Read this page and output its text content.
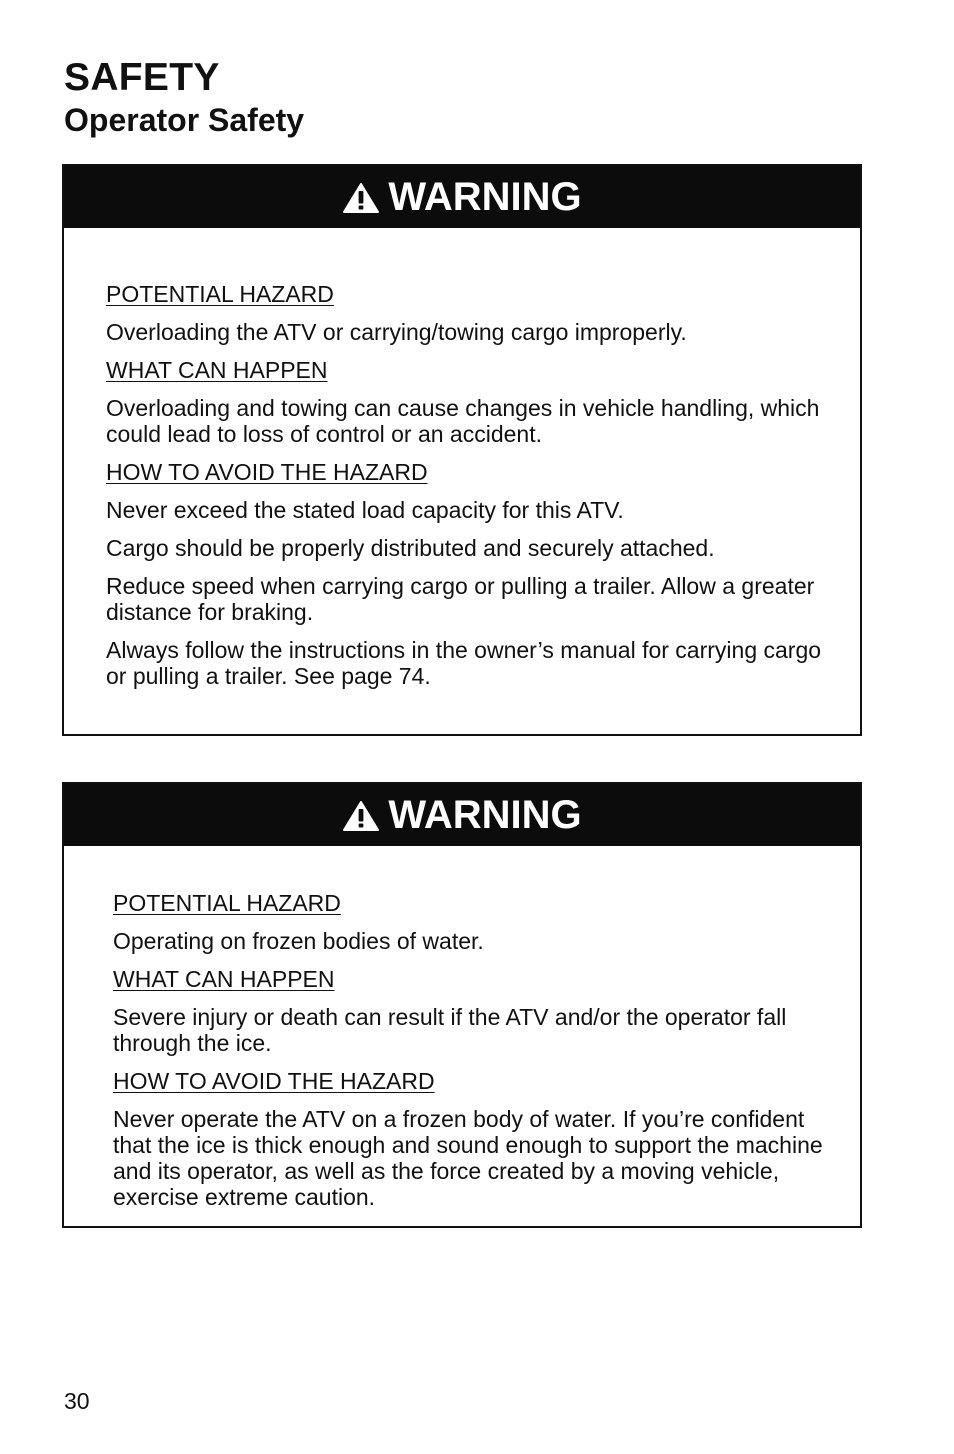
SAFETY
Operator Safety
WARNING

POTENTIAL HAZARD

Overloading the ATV or carrying/towing cargo improperly.

WHAT CAN HAPPEN

Overloading and towing can cause changes in vehicle handling, which could lead to loss of control or an accident.

HOW TO AVOID THE HAZARD

Never exceed the stated load capacity for this ATV.

Cargo should be properly distributed and securely attached.

Reduce speed when carrying cargo or pulling a trailer. Allow a greater distance for braking.

Always follow the instructions in the owner’s manual for carrying cargo or pulling a trailer. See page 74.

WARNING

POTENTIAL HAZARD

Operating on frozen bodies of water.

WHAT CAN HAPPEN

Severe injury or death can result if the ATV and/or the operator fall through the ice.

HOW TO AVOID THE HAZARD

Never operate the ATV on a frozen body of water. If you’re confident that the ice is thick enough and sound enough to support the machine and its operator, as well as the force created by a moving vehicle, exercise extreme caution.

30
